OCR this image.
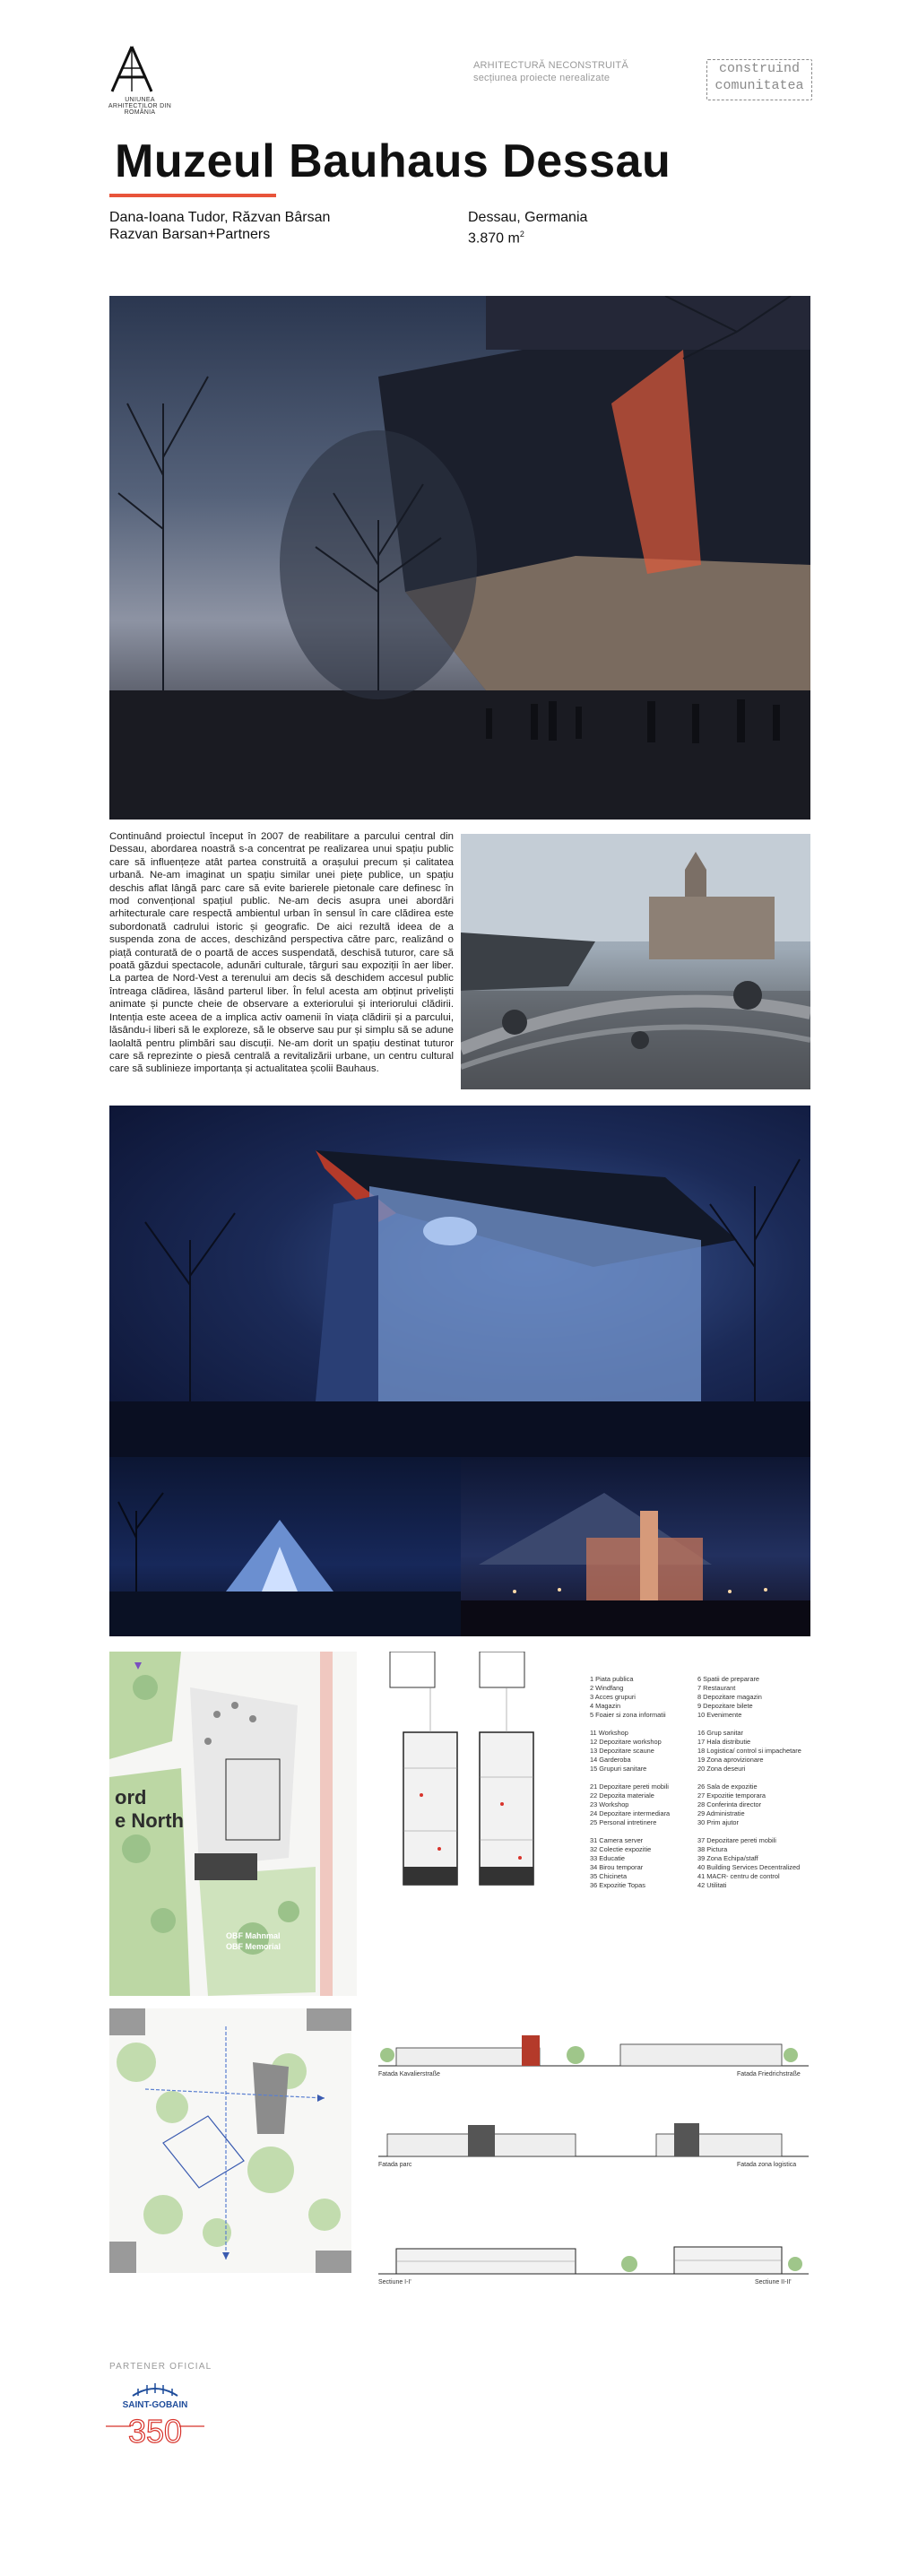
UNIUNEA ARHITECTILOR DIN ROMÂNIA
ARHITECTURĂ NECONSTRUITĂ
secțiunea proiecte nerealizate
construind
comunitatea
Muzeul Bauhaus Dessau
Dana-Ioana Tudor, Răzvan Bârsan
Razvan Barsan+Partners
Dessau, Germania
3.870 $m^2$
Continuând proiectul început în 2007 de reabilitare a parcului central din Dessau, abordarea noastră s-a concentrat pe realizarea unui spațiu public care să influențeze atât partea construită a orașului precum și calitatea urbană. Ne-am imaginat un spațiu similar unei piețe publice, un spațiu deschis aflat lângă parc care să evite barierele pietonale care definesc în mod convențional spațiul public. Ne-am decis asupra unei abordări arhitecturale care respectă ambientul urban în sensul în care clădirea este subordonată cadrului istoric și geografic. De aici rezultă ideea de a suspenda zona de acces, deschizând perspectiva către parc, realizând o piață conturată de o poartă de acces suspendată, deschisă tuturor, care să poată găzdui spectacole, adunări culturale, târguri sau expoziții în aer liber. La partea de Nord-Vest a terenului am decis să deschidem accesul public întreaga clădirea, lăsând parterul liber. În felul acesta am obținut priveliști animate și puncte cheie de observare a exteriorului și interiorului clădirii. Intenția este aceea de a implica activ oamenii în viața clădirii și a parcului, lăsându-i liberi să le exploreze, să le observe sau pur și simplu să se adune laolaltă pentru plimbări sau discuții. Ne-am dorit un spațiu destinat tuturor care să reprezinte o piesă centrală a revitalizării urbane, un centru cultural care să sublinieze importanța și actualitatea școlii Bauhaus.
ord
e North
OBF Mahnmal
OBF Memorial
1 Piata publica
2 Windfang
3 Acces grupuri
4 Magazin
5 Foaier si zona informatii
11 Workshop
12 Depozitare workshop
13 Depozitare scaune
14 Garderoba
15 Grupuri sanitare
21 Depozitare pereti mobili
22 Depozita materiale
23 Workshop
24 Depozitare intermediara
25 Personal intretinere
31 Camera server
32 Colectie expozitie
33 Educatie
34 Birou temporar
35 Chicineta
36 Expozitie Topas
6 Spatii de preparare
7 Restaurant
8 Depozitare magazin
9 Depozitare bilete
10 Evenimente
16 Grup sanitar
17 Hala distributie
18 Logistica/ control si impachetare
19 Zona aprovizionare
20 Zona deseuri
26 Sala de expozitie
27 Expozitie temporara
28 Conferinta director
29 Administratie
30 Prim ajutor
37 Depozitare pereti mobili
38 Pictura
39 Zona Echipa/staff
40 Building Services Decentralized
41 MACR- centru de control
42 Utilitati
Fatada Kavalierstraße	Fatada Friedrichstraße
Fatada parc	Fatada zona logistica
Sectiune I-I'	Sectiune II-II'
PARTENER OFICIAL
SAINT-GOBAIN
350
